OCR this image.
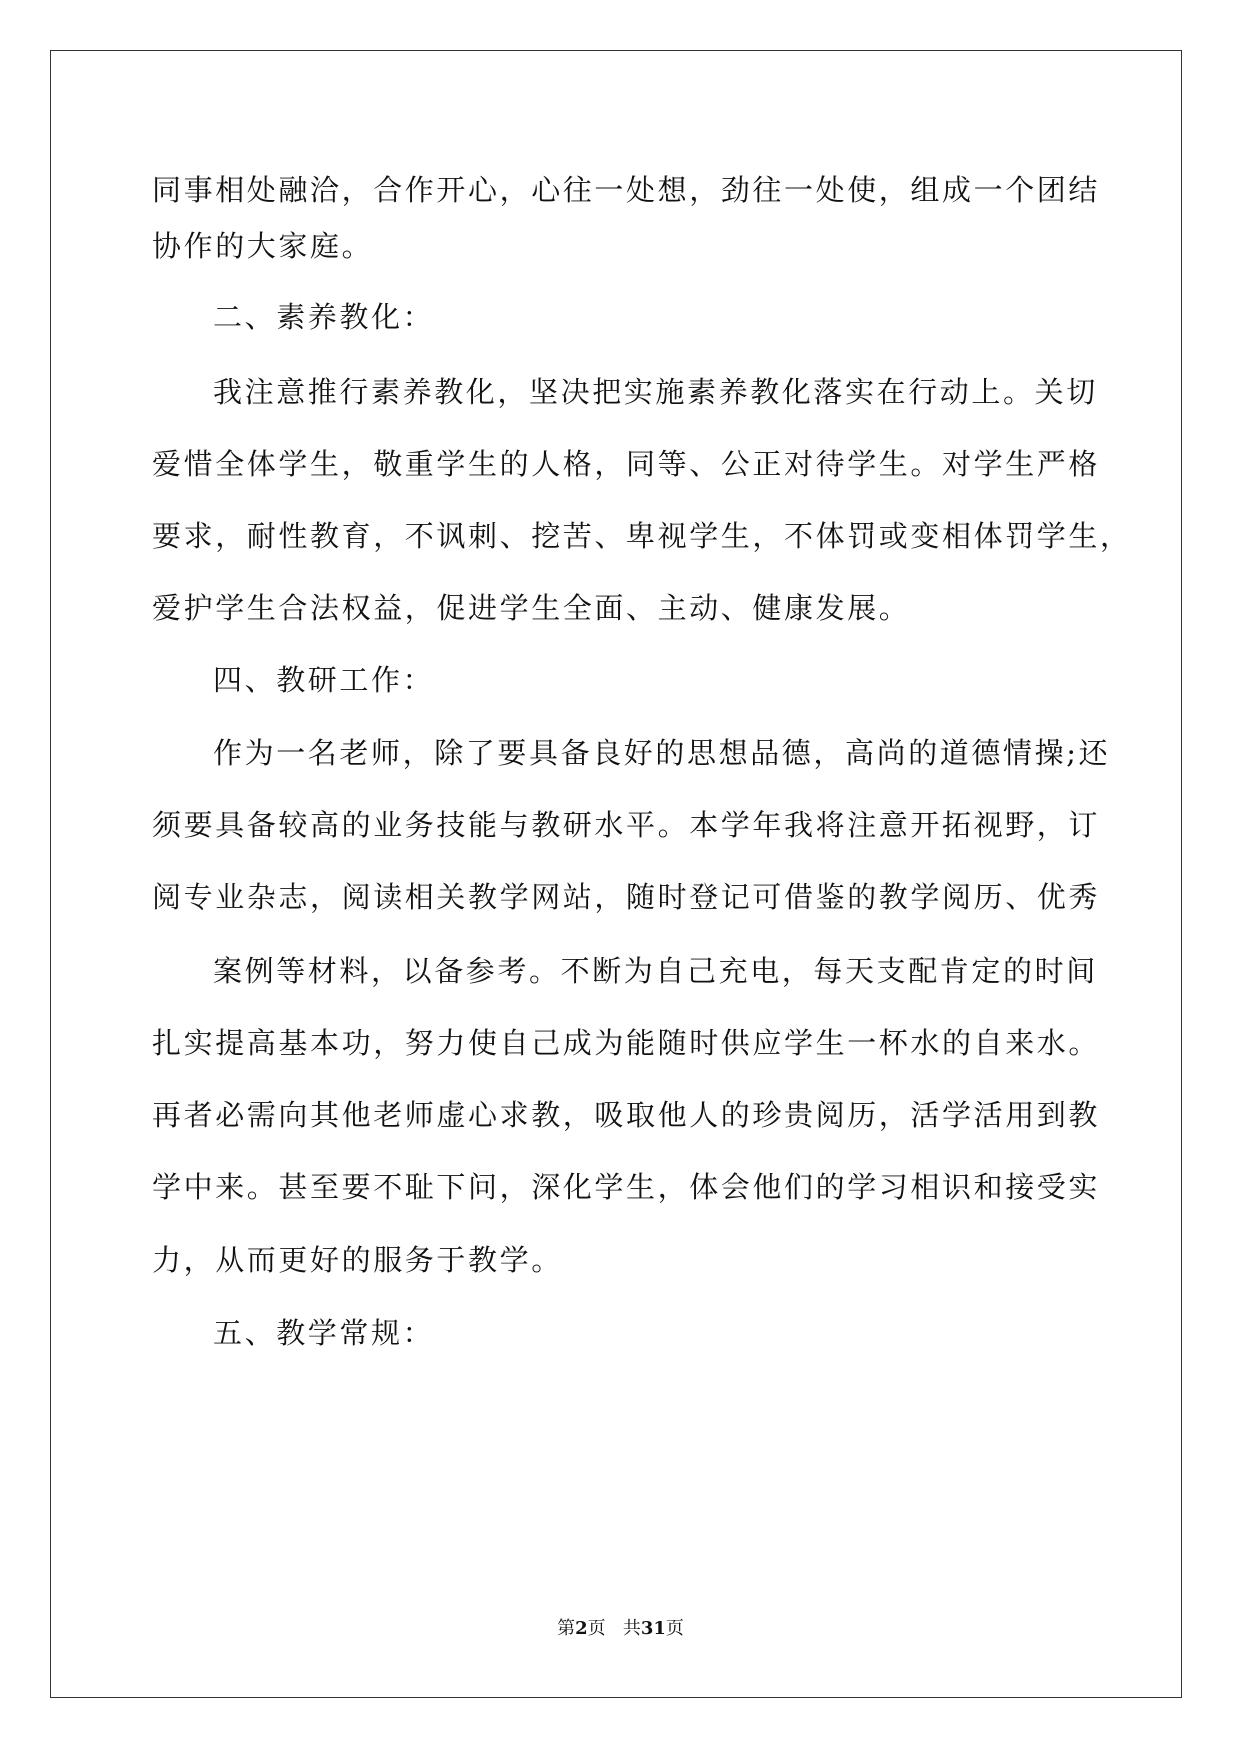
同事相处融洽，合作开心，心往一处想，劲往一处使，组成一个团结
协作的大家庭。
二、素养教化：
我注意推行素养教化，坚决把实施素养教化落实在行动上。关切
爱惜全体学生，敬重学生的人格，同等、公正对待学生。对学生严格
要求，耐性教育，不讽刺、挖苦、卑视学生，不体罚或变相体罚学生，
爱护学生合法权益，促进学生全面、主动、健康发展。
四、教研工作：
作为一名老师，除了要具备良好的思想品德，高尚的道德情操;还
须要具备较高的业务技能与教研水平。本学年我将注意开拓视野，订
阅专业杂志，阅读相关教学网站，随时登记可借鉴的教学阅历、优秀
案例等材料，以备参考。不断为自己充电，每天支配肯定的时间
扎实提高基本功，努力使自己成为能随时供应学生一杯水的自来水。
再者必需向其他老师虚心求教，吸取他人的珍贵阅历，活学活用到教
学中来。甚至要不耻下问，深化学生，体会他们的学习相识和接受实
力，从而更好的服务于教学。
五、教学常规：
第2页 共31页
